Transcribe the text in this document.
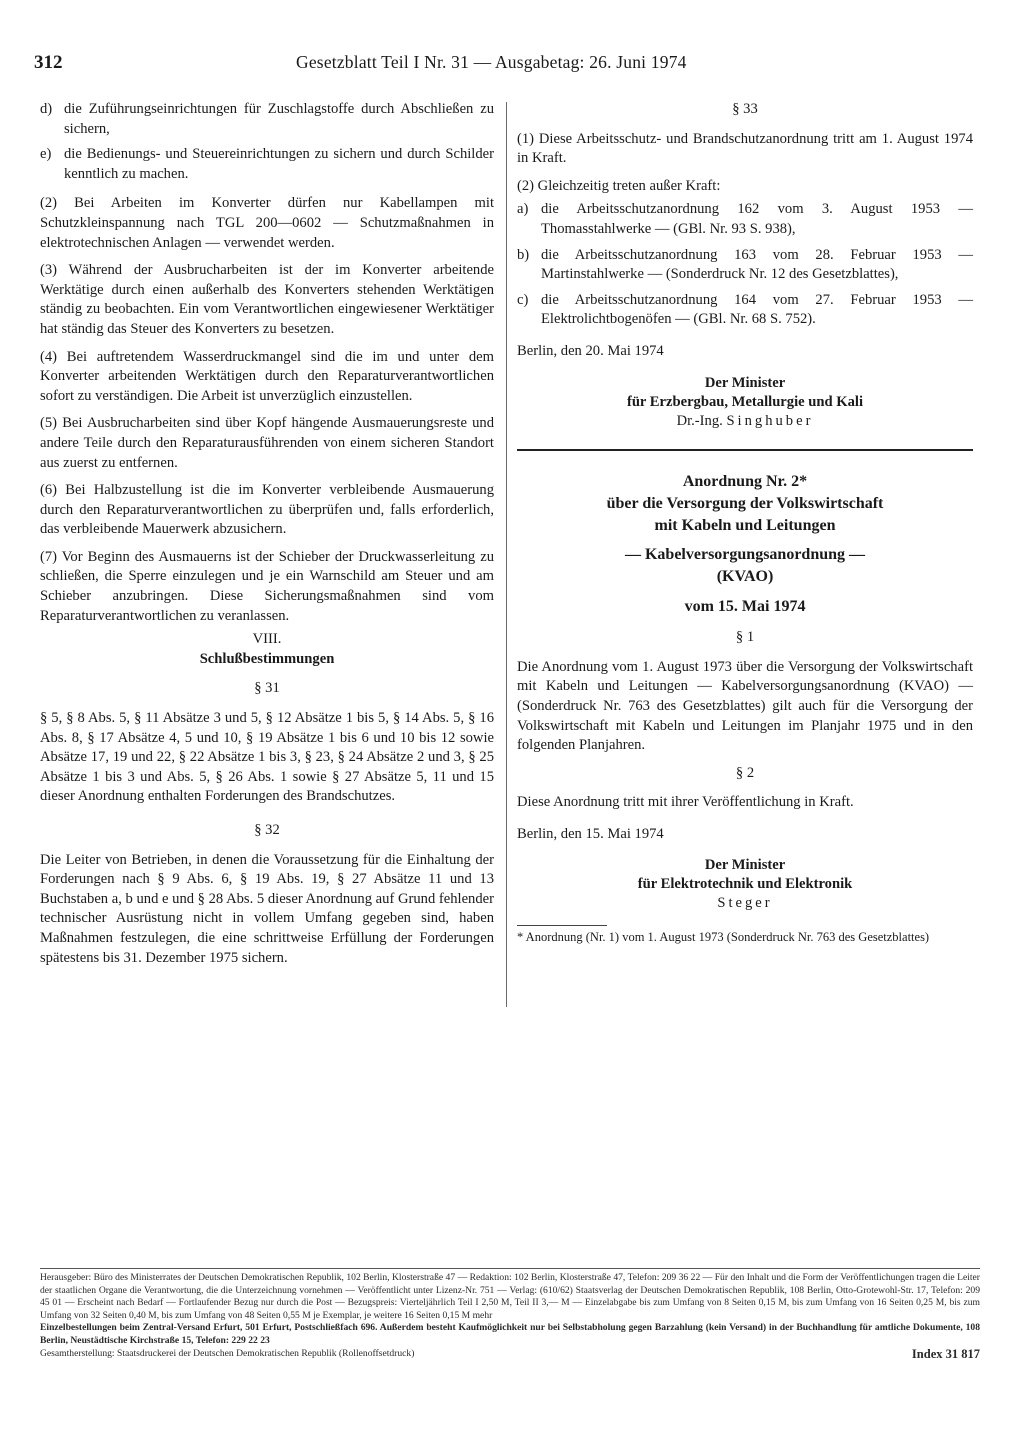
312	Gesetzblatt Teil I Nr. 31 — Ausgabetag: 26. Juni 1974
d) die Zuführungseinrichtungen für Zuschlagstoffe durch Abschließen zu sichern,
e) die Bedienungs- und Steuereinrichtungen zu sichern und durch Schilder kenntlich zu machen.

(2) Bei Arbeiten im Konverter dürfen nur Kabellampen mit Schutzkleinspannung nach TGL 200—0602 — Schutzmaßnahmen in elektrotechnischen Anlagen — verwendet werden.

(3) Während der Ausbrucharbeiten ist der im Konverter arbeitende Werktätige durch einen außerhalb des Konverters stehenden Werktätigen ständig zu beobachten. Ein vom Verantwortlichen eingewiesener Werktätiger hat ständig das Steuer des Konverters zu besetzen.

(4) Bei auftretendem Wasserdruckmangel sind die im und unter dem Konverter arbeitenden Werktätigen durch den Reparaturverantwortlichen sofort zu verständigen. Die Arbeit ist unverzüglich einzustellen.

(5) Bei Ausbrucharbeiten sind über Kopf hängende Ausmauerungsreste und andere Teile durch den Reparaturausführenden von einem sicheren Standort aus zuerst zu entfernen.

(6) Bei Halbzustellung ist die im Konverter verbleibende Ausmauerung durch den Reparaturverantwortlichen zu überprüfen und, falls erforderlich, das verbleibende Mauerwerk abzusichern.

(7) Vor Beginn des Ausmauerns ist der Schieber der Druckwasserleitung zu schließen, die Sperre einzulegen und je ein Warnschild am Steuer und am Schieber anzubringen. Diese Sicherungsmaßnahmen sind vom Reparaturverantwortlichen zu veranlassen.

VIII.
Schlußbestimmungen
§ 31

§ 5, § 8 Abs. 5, § 11 Absätze 3 und 5, § 12 Absätze 1 bis 5, § 14 Abs. 5, § 16 Abs. 8, § 17 Absätze 4, 5 und 10, § 19 Absätze 1 bis 6 und 10 bis 12 sowie Absätze 17, 19 und 22, § 22 Absätze 1 bis 3, § 23, § 24 Absätze 2 und 3, § 25 Absätze 1 bis 3 und Abs. 5, § 26 Abs. 1 sowie § 27 Absätze 5, 11 und 15 dieser Anordnung enthalten Forderungen des Brandschutzes.

§ 32

Die Leiter von Betrieben, in denen die Voraussetzung für die Einhaltung der Forderungen nach § 9 Abs. 6, § 19 Abs. 19, § 27 Absätze 11 und 13 Buchstaben a, b und e und § 28 Abs. 5 dieser Anordnung auf Grund fehlender technischer Ausrüstung nicht in vollem Umfang gegeben sind, haben Maßnahmen festzulegen, die eine schrittweise Erfüllung der Forderungen spätestens bis 31. Dezember 1975 sichern.

§ 33

(1) Diese Arbeitsschutz- und Brandschutzanordnung tritt am 1. August 1974 in Kraft.

(2) Gleichzeitig treten außer Kraft:

a) die Arbeitsschutzanordnung 162 vom 3. August 1953 — Thomasstahlwerke — (GBl. Nr. 93 S. 938),
b) die Arbeitsschutzanordnung 163 vom 28. Februar 1953 — Martinstahlwerke — (Sonderdruck Nr. 12 des Gesetzblattes),
c) die Arbeitsschutzanordnung 164 vom 27. Februar 1953 — Elektrolichtbogenöfen — (GBl. Nr. 68 S. 752).

Berlin, den 20. Mai 1974

Der Minister
für Erzbergbau, Metallurgie und Kali
Dr.-Ing. Singhuber
Anordnung Nr. 2*
über die Versorgung der Volkswirtschaft
mit Kabeln und Leitungen
— Kabelversorgungsanordnung —
(KVAO)
vom 15. Mai 1974
§ 1

Die Anordnung vom 1. August 1973 über die Versorgung der Volkswirtschaft mit Kabeln und Leitungen — Kabelversorgungsanordnung (KVAO) — (Sonderdruck Nr. 763 des Gesetzblattes) gilt auch für die Versorgung der Volkswirtschaft mit Kabeln und Leitungen im Planjahr 1975 und in den folgenden Planjahren.

§ 2

Diese Anordnung tritt mit ihrer Veröffentlichung in Kraft.

Berlin, den 15. Mai 1974

Der Minister
für Elektrotechnik und Elektronik
Steger
* Anordnung (Nr. 1) vom 1. August 1973 (Sonderdruck Nr. 763 des Gesetzblattes)
Herausgeber: Büro des Ministerrates der Deutschen Demokratischen Republik, 102 Berlin, Klosterstraße 47 — Redaktion: 102 Berlin, Klosterstraße 47, Telefon: 209 36 22 — Für den Inhalt und die Form der Veröffentlichungen tragen die Leiter der staatlichen Organe die Verantwortung, die die Unterzeichnung vornehmen — Veröffentlicht unter Lizenz-Nr. 751 — Verlag: (610/62) Staatsverlag der Deutschen Demokratischen Republik, 108 Berlin, Otto-Grotewohl-Str. 17, Telefon: 209 45 01 — Erscheint nach Bedarf — Fortlaufender Bezug nur durch die Post — Bezugspreis: Vierteljährlich Teil I 2,50 M, Teil II 3,— M — Einzelabgabe bis zum Umfang von 8 Seiten 0,15 M, bis zum Umfang von 16 Seiten 0,25 M, bis zum Umfang von 32 Seiten 0,40 M, bis zum Umfang von 48 Seiten 0,55 M je Exemplar, je weitere 16 Seiten 0,15 M mehr
Einzelbestellungen beim Zentral-Versand Erfurt, 501 Erfurt, Postschließfach 696. Außerdem besteht Kaufmöglichkeit nur bei Selbstabholung gegen Barzahlung (kein Versand) in der Buchhandlung für amtliche Dokumente, 108 Berlin, Neustädtische Kirchstraße 15, Telefon: 229 22 23
Gesamtherstellung: Staatsdruckerei der Deutschen Demokratischen Republik (Rollenoffsetdruck)	Index 31 817
